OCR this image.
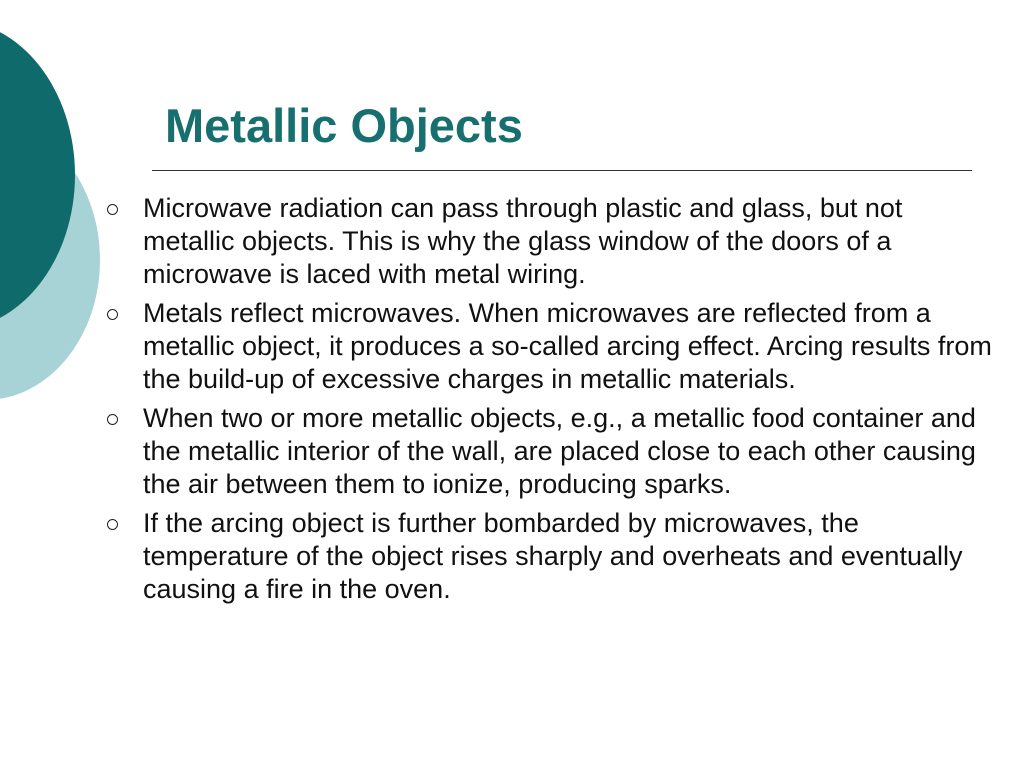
Metallic Objects
Microwave radiation can pass through plastic and glass, but not metallic objects. This is why the glass window of the doors of a microwave is laced with metal wiring.
Metals reflect microwaves. When microwaves are reflected from a metallic object, it produces a so-called arcing effect. Arcing results from the build-up of excessive charges in metallic materials.
When two or more metallic objects, e.g., a metallic food container and the metallic interior of the wall, are placed close to each other causing the air between them to ionize, producing sparks.
If the arcing object is further bombarded by microwaves, the temperature of the object rises sharply and overheats and eventually causing a fire in the oven.
